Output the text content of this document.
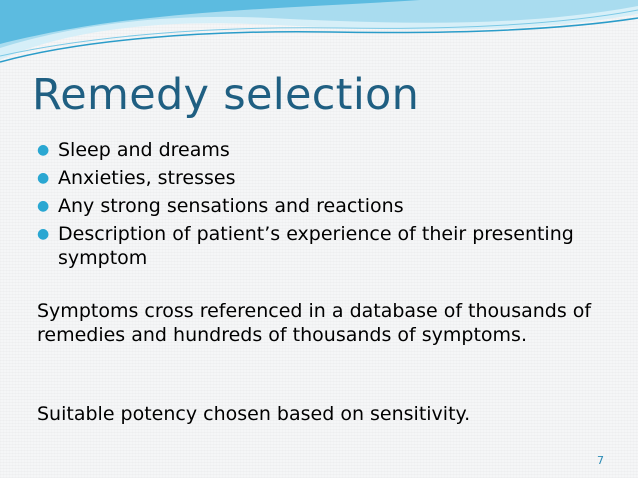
Remedy selection
● Sleep and dreams
● Anxieties, stresses
● Any strong sensations and reactions
● Description of patient’s experience of their presenting symptom

Symptoms cross referenced in a database of thousands of remedies and hundreds of thousands of symptoms.

Suitable potency chosen based on sensitivity.

7
